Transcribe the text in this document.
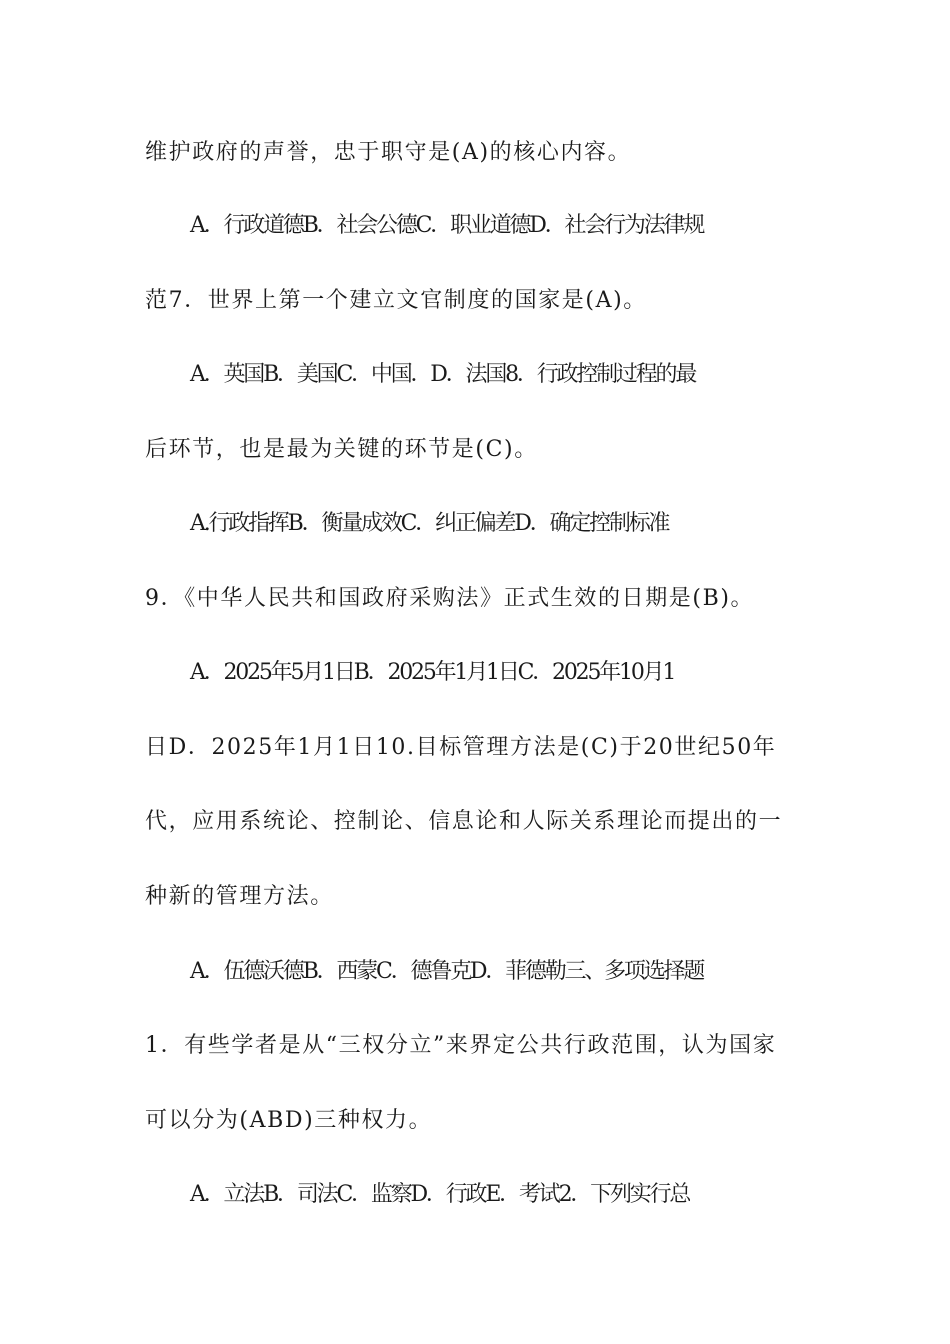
维护政府的声誉，忠于职守是(A)的核心内容。
A．行政道德B．社会公德C．职业道德D．社会行为法律规
范7．世界上第一个建立文官制度的国家是(A)。
A．英国B．美国C．中国．D．法国8．行政控制过程的最
后环节，也是最为关键的环节是(C)。
A.行政指挥B．衡量成效C．纠正偏差D．确定控制标准
9．《中华人民共和国政府采购法》正式生效的日期是(B)。
A．2025年5月1日B．2025年1月1日C．2025年10月1
日D．2025年1月1日10.目标管理方法是(C)于20世纪50年
代，应用系统论、控制论、信息论和人际关系理论而提出的一
种新的管理方法。
A．伍德沃德B．西蒙C．德鲁克D．菲德勒三、多项选择题
1．有些学者是从“三权分立”来界定公共行政范围，认为国家
可以分为(ABD)三种权力。
A．立法B．司法C．监察D．行政E．考试2．下列实行总
